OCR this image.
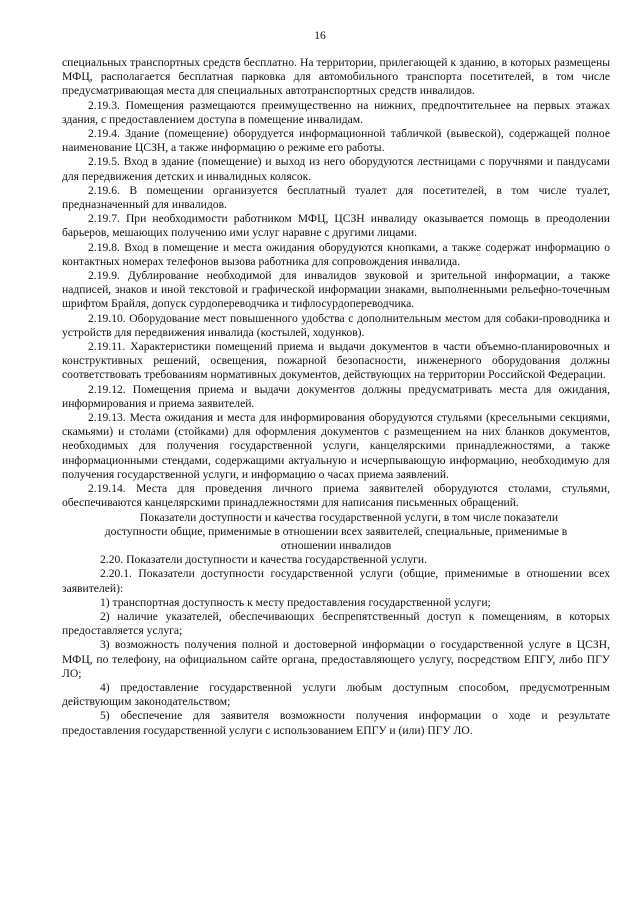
16

специальных транспортных средств бесплатно. На территории, прилегающей к зданию, в которых размещены МФЦ, располагается бесплатная парковка для автомобильного транспорта посетителей, в том числе предусматривающая места для специальных автотранспортных средств инвалидов.

2.19.3. Помещения размещаются преимущественно на нижних, предпочтительнее на первых этажах здания, с предоставлением доступа в помещение инвалидам.

2.19.4. Здание (помещение) оборудуется информационной табличкой (вывеской), содержащей полное наименование ЦСЗН, а также информацию о режиме его работы.

2.19.5. Вход в здание (помещение) и выход из него оборудуются лестницами с поручнями и пандусами для передвижения детских и инвалидных колясок.

2.19.6. В помещении организуется бесплатный туалет для посетителей, в том числе туалет, предназначенный для инвалидов.

2.19.7. При необходимости работником МФЦ, ЦСЗН инвалиду оказывается помощь в преодолении барьеров, мешающих получению ими услуг наравне с другими лицами.

2.19.8. Вход в помещение и места ожидания оборудуются кнопками, а также содержат информацию о контактных номерах телефонов вызова работника для сопровождения инвалида.

2.19.9. Дублирование необходимой для инвалидов звуковой и зрительной информации, а также надписей, знаков и иной текстовой и графической информации знаками, выполненными рельефно-точечным шрифтом Брайля, допуск сурдопереводчика и тифлосурдопереводчика.

2.19.10. Оборудование мест повышенного удобства с дополнительным местом для собаки-проводника и устройств для передвижения инвалида (костылей, ходунков).

2.19.11. Характеристики помещений приема и выдачи документов в части объемно-планировочных и конструктивных решений, освещения, пожарной безопасности, инженерного оборудования должны соответствовать требованиям нормативных документов, действующих на территории Российской Федерации.

2.19.12. Помещения приема и выдачи документов должны предусматривать места для ожидания, информирования и приема заявителей.

2.19.13. Места ожидания и места для информирования оборудуются стульями (кресельными секциями, скамьями) и столами (стойками) для оформления документов с размещением на них бланков документов, необходимых для получения государственной услуги, канцелярскими принадлежностями, а также информационными стендами, содержащими актуальную и исчерпывающую информацию, необходимую для получения государственной услуги, и информацию о часах приема заявлений.

2.19.14. Места для проведения личного приема заявителей оборудуются столами, стульями, обеспечиваются канцелярскими принадлежностями для написания письменных обращений.

Показатели доступности и качества государственной услуги, в том числе показатели доступности общие, применимые в отношении всех заявителей, специальные, применимые в отношении инвалидов

2.20. Показатели доступности и качества государственной услуги.

2.20.1. Показатели доступности государственной услуги (общие, применимые в отношении всех заявителей):

1) транспортная доступность к месту предоставления государственной услуги;

2) наличие указателей, обеспечивающих беспрепятственный доступ к помещениям, в которых предоставляется услуга;

3) возможность получения полной и достоверной информации о государственной услуге в ЦСЗН, МФЦ, по телефону, на официальном сайте органа, предоставляющего услугу, посредством ЕПГУ, либо ПГУ ЛО;

4) предоставление государственной услуги любым доступным способом, предусмотренным действующим законодательством;

5) обеспечение для заявителя возможности получения информации о ходе и результате предоставления государственной услуги с использованием ЕПГУ и (или) ПГУ ЛО.
